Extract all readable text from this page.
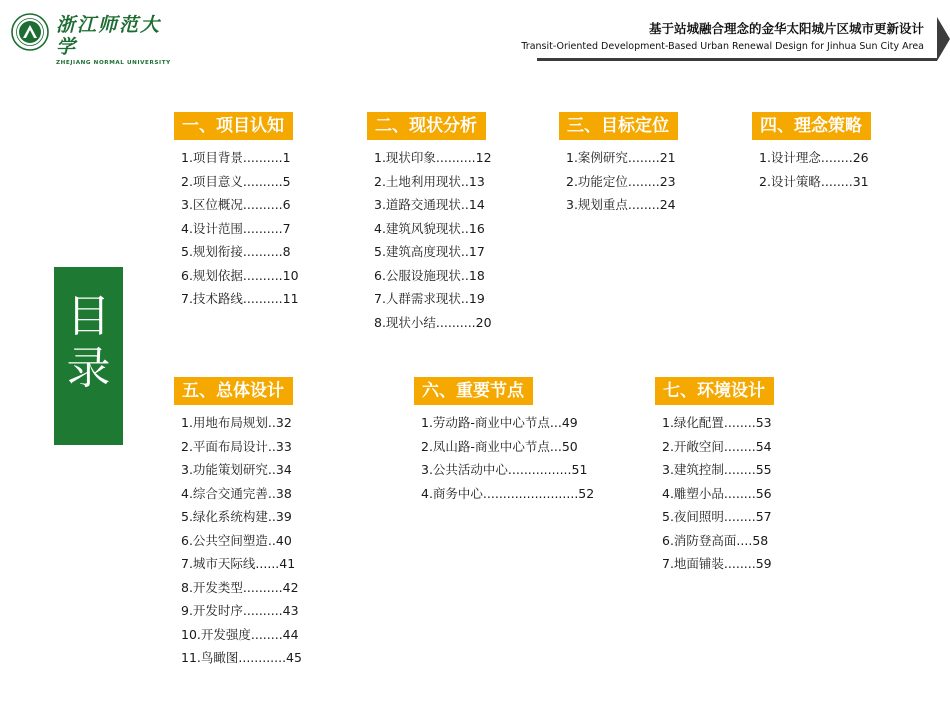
浙江师范大学
ZHEJIANG NORMAL UNIVERSITY
基于站城融合理念的金华太阳城片区城市更新设计
Transit-Oriented Development-Based Urban Renewal Design for Jinhua Sun City Area
目
录
一、项目认知
1.项目背景..........1
2.项目意义..........5
3.区位概况..........6
4.设计范围..........7
5.规划衔接..........8
6.规划依据..........10
7.技术路线..........11
二、现状分析
1.现状印象..........12
2.土地利用现状..13
3.道路交通现状..14
4.建筑风貌现状..16
5.建筑高度现状..17
6.公服设施现状..18
7.人群需求现状..19
8.现状小结..........20
三、目标定位
1.案例研究........21
2.功能定位........23
3.规划重点........24
四、理念策略
1.设计理念........26
2.设计策略........31
五、总体设计
1.用地布局规划..32
2.平面布局设计..33
3.功能策划研究..34
4.综合交通完善..38
5.绿化系统构建..39
6.公共空间塑造..40
7.城市天际线......41
8.开发类型..........42
9.开发时序..........43
10.开发强度........44
11.鸟瞰图............45
六、重要节点
1.劳动路-商业中心节点...49
2.凤山路-商业中心节点...50
3.公共活动中心................51
4.商务中心........................52
七、环境设计
1.绿化配置........53
2.开敞空间........54
3.建筑控制........55
4.雕塑小品........56
5.夜间照明........57
6.消防登高面....58
7.地面铺装........59
